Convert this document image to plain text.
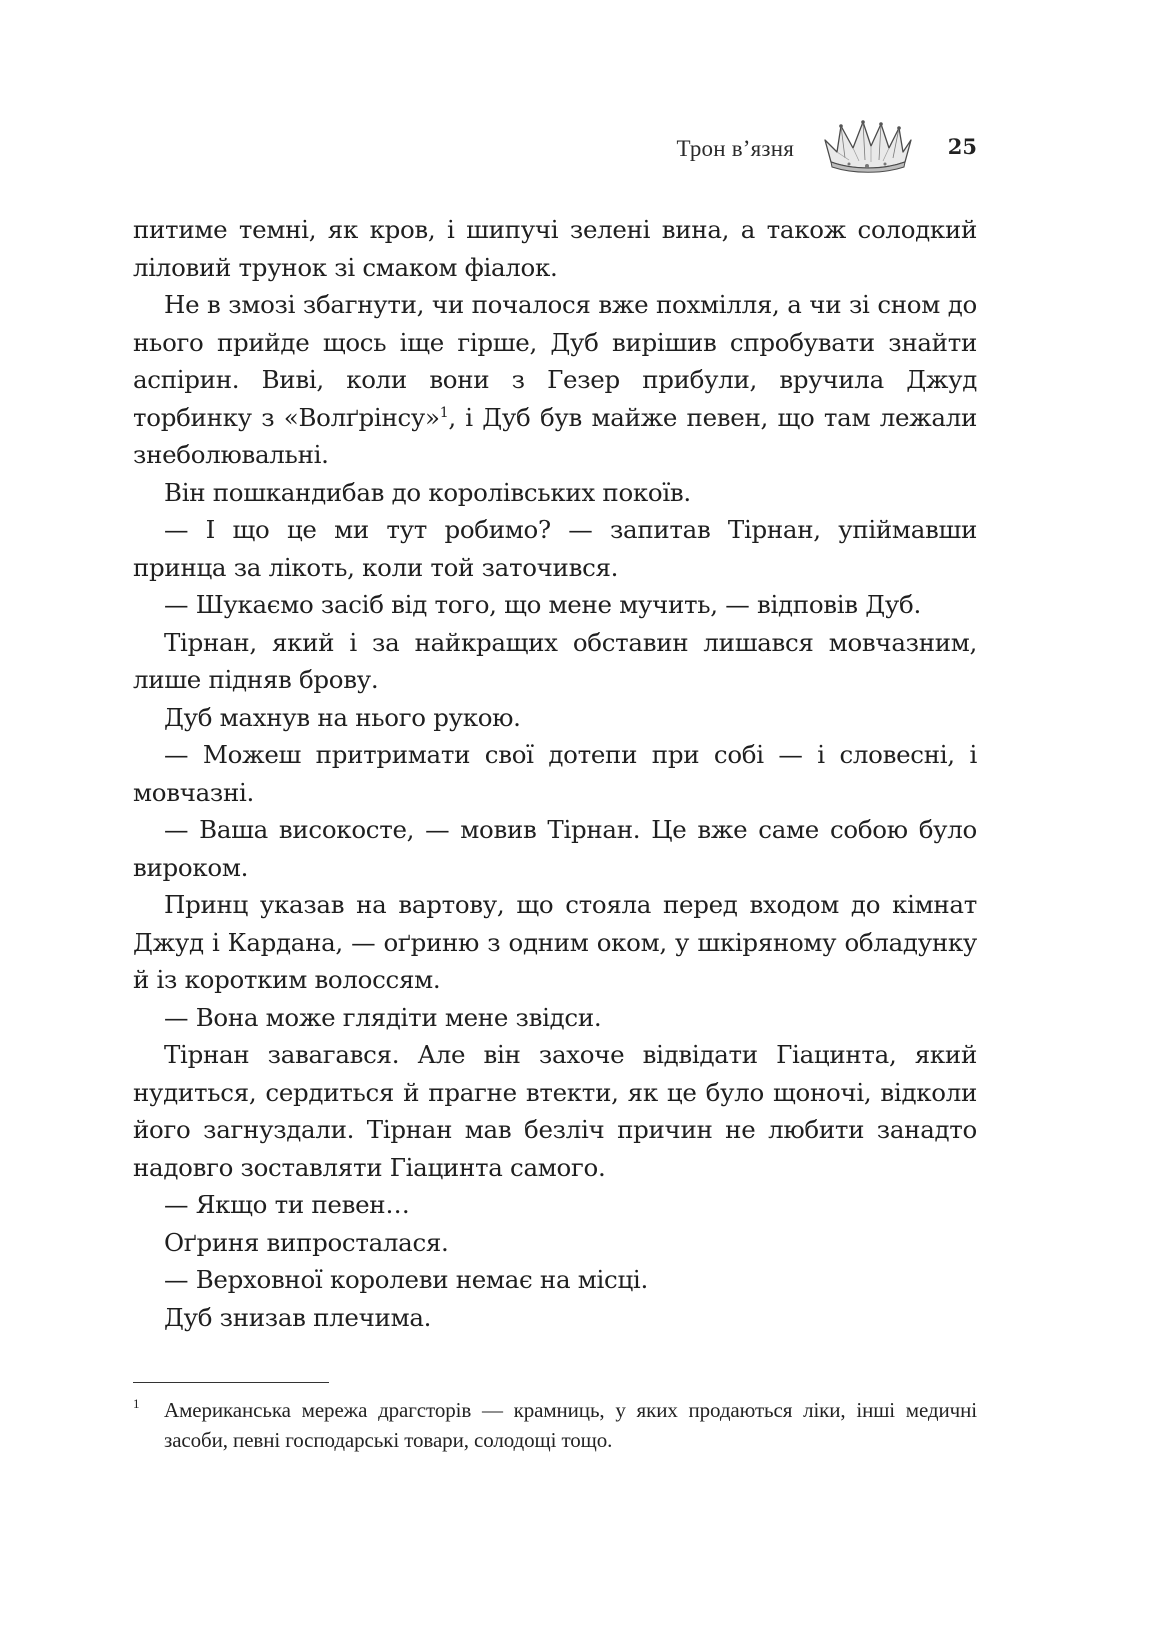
Трон в’язня	25

питиме темні, як кров, і шипучі зелені вина, а також солодкий ліловий трунок зі смаком фіалок.

Не в змозі збагнути, чи почалося вже похмілля, а чи зі сном до нього прийде щось іще гірше, Дуб вирішив спробувати знайти аспірин. Виві, коли вони з Гезер прибули, вручила Джуд торбинку з «Волґрінсу»$^1$, і Дуб був майже певен, що там лежали знеболювальні.

Він пошкандибав до королівських покоїв.

— І що це ми тут робимо? — запитав Тірнан, упіймавши принца за лікоть, коли той заточився.

— Шукаємо засіб від того, що мене мучить, — відповів Дуб.

Тірнан, який і за найкращих обставин лишався мовчазним, лише підняв брову.

Дуб махнув на нього рукою.

— Можеш притримати свої дотепи при собі — і словесні, і мовчазні.

— Ваша високосте, — мовив Тірнан. Це вже саме собою було вироком.

Принц указав на вартову, що стояла перед входом до кімнат Джуд і Кардана, — оґриню з одним оком, у шкіряному обладунку й із коротким волоссям.

— Вона може глядіти мене звідси.

Тірнан завагався. Але він захоче відвідати Гіацинта, який нудиться, сердиться й прагне втекти, як це було щоночі, відколи його загнуздали. Тірнан мав безліч причин не любити занадто надовго зоставляти Гіацинта самого.

— Якщо ти певен…

Оґриня випросталася.

— Верховної королеви немає на місці.

Дуб знизав плечима.

1 Американська мережа драгсторів — крамниць, у яких продаються ліки, інші медичні засоби, певні господарські товари, солодощі тощо.
